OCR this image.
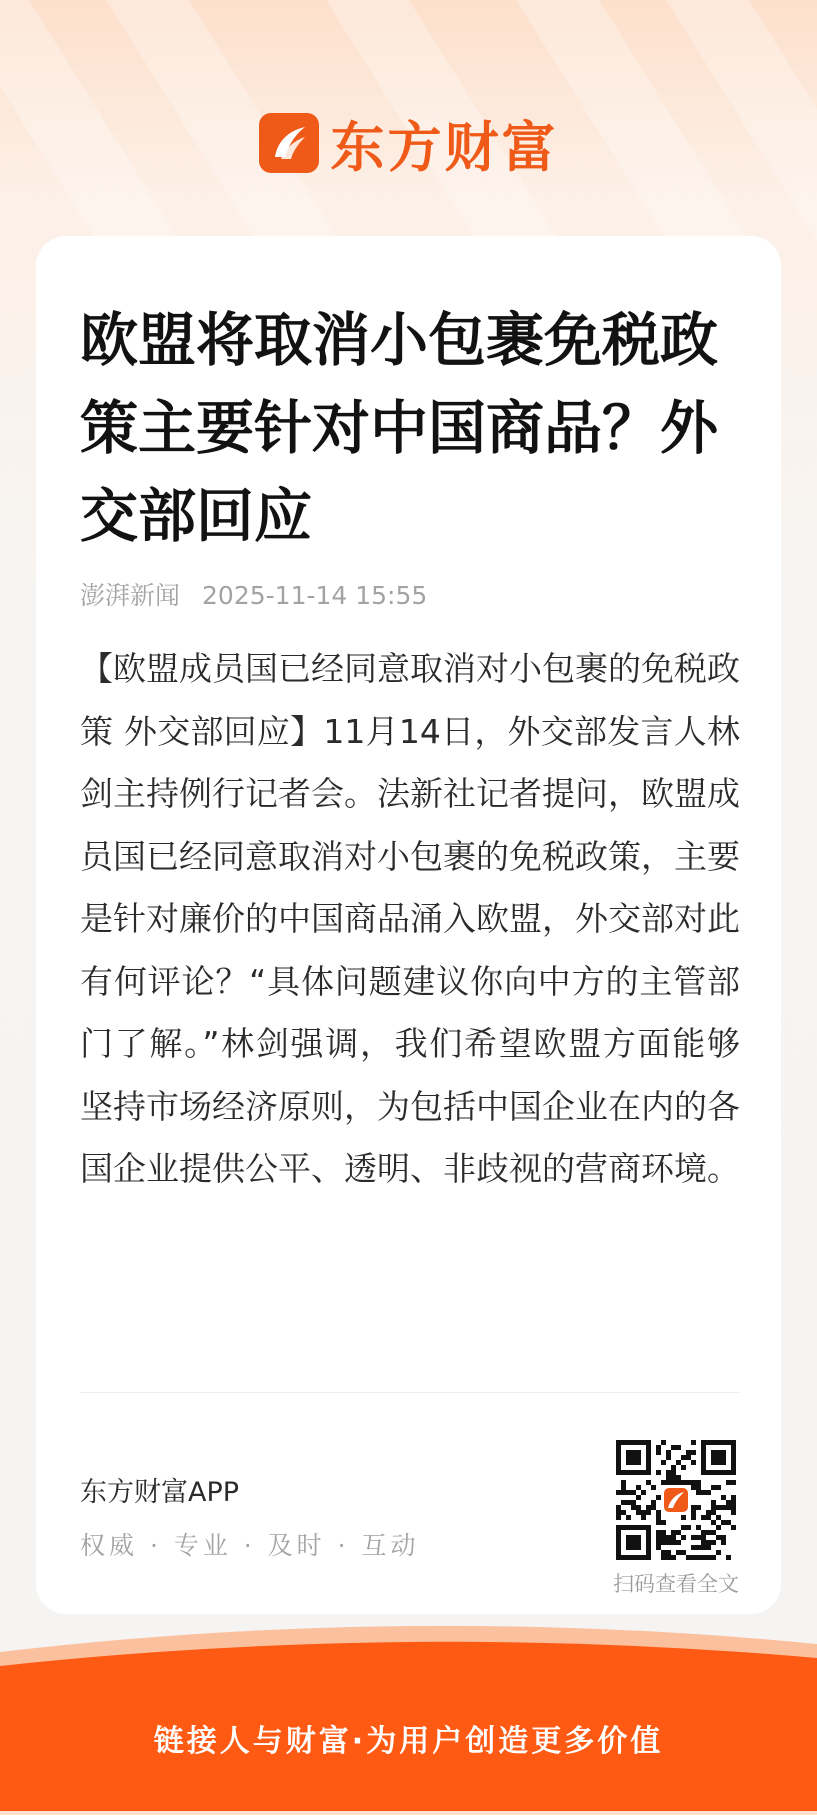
东方财富
欧盟将取消小包裹免税政策主要针对中国商品？外交部回应
澎湃新闻 2025-11-14 15:55

【欧盟成员国已经同意取消对小包裹的免税政策 外交部回应】11月14日，外交部发言人林剑主持例行记者会。法新社记者提问，欧盟成员国已经同意取消对小包裹的免税政策，主要是针对廉价的中国商品涌入欧盟，外交部对此有何评论？“具体问题建议你向中方的主管部门了解。”林剑强调，我们希望欧盟方面能够坚持市场经济原则，为包括中国企业在内的各国企业提供公平、透明、非歧视的营商环境。

东方财富APP
权威 · 专业 · 及时 · 互动
扫码查看全文
链接人与财富·为用户创造更多价值
